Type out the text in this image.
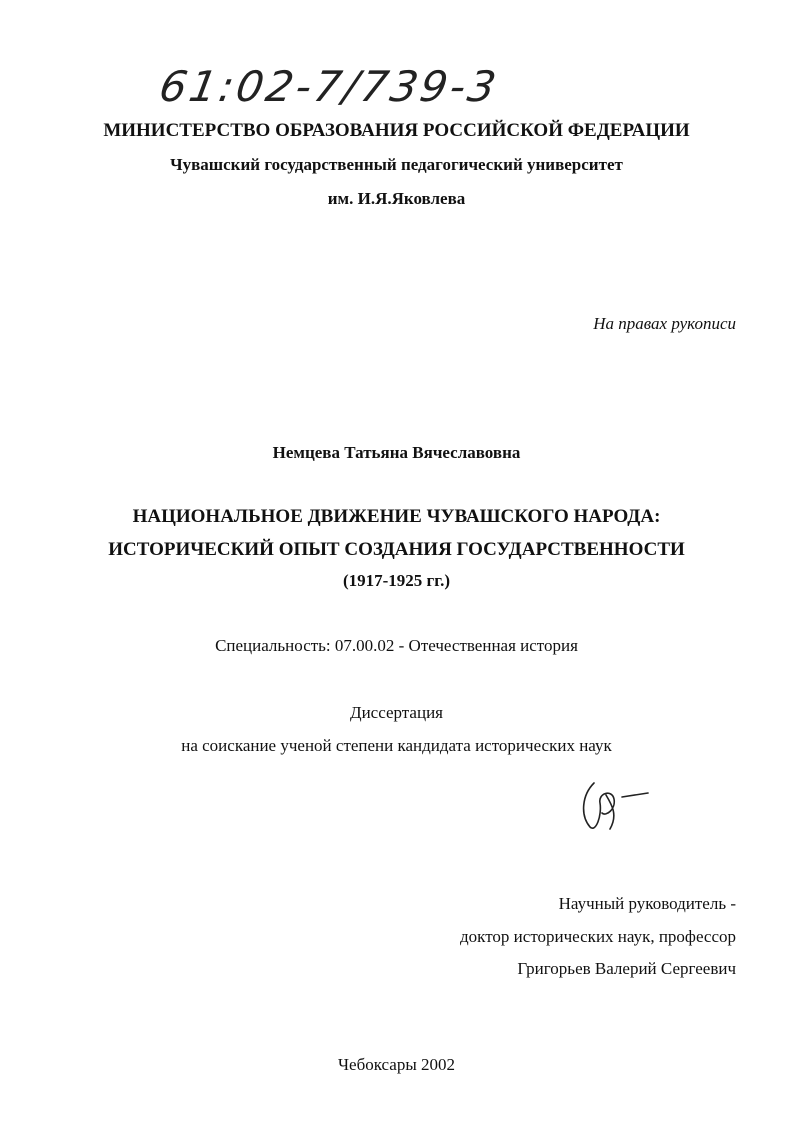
61:02-7/739-3
МИНИСТЕРСТВО ОБРАЗОВАНИЯ РОССИЙСКОЙ ФЕДЕРАЦИИ
Чувашский государственный педагогический университет
им. И.Я.Яковлева
На правах рукописи
Немцева Татьяна Вячеславовна
НАЦИОНАЛЬНОЕ ДВИЖЕНИЕ ЧУВАШСКОГО НАРОДА:
ИСТОРИЧЕСКИЙ ОПЫТ СОЗДАНИЯ ГОСУДАРСТВЕННОСТИ
(1917-1925 гг.)
Специальность: 07.00.02 - Отечественная история
Диссертация
на соискание ученой степени кандидата исторических наук
Научный руководитель -
доктор исторических наук, профессор
Григорьев Валерий Сергеевич
Чебоксары 2002
